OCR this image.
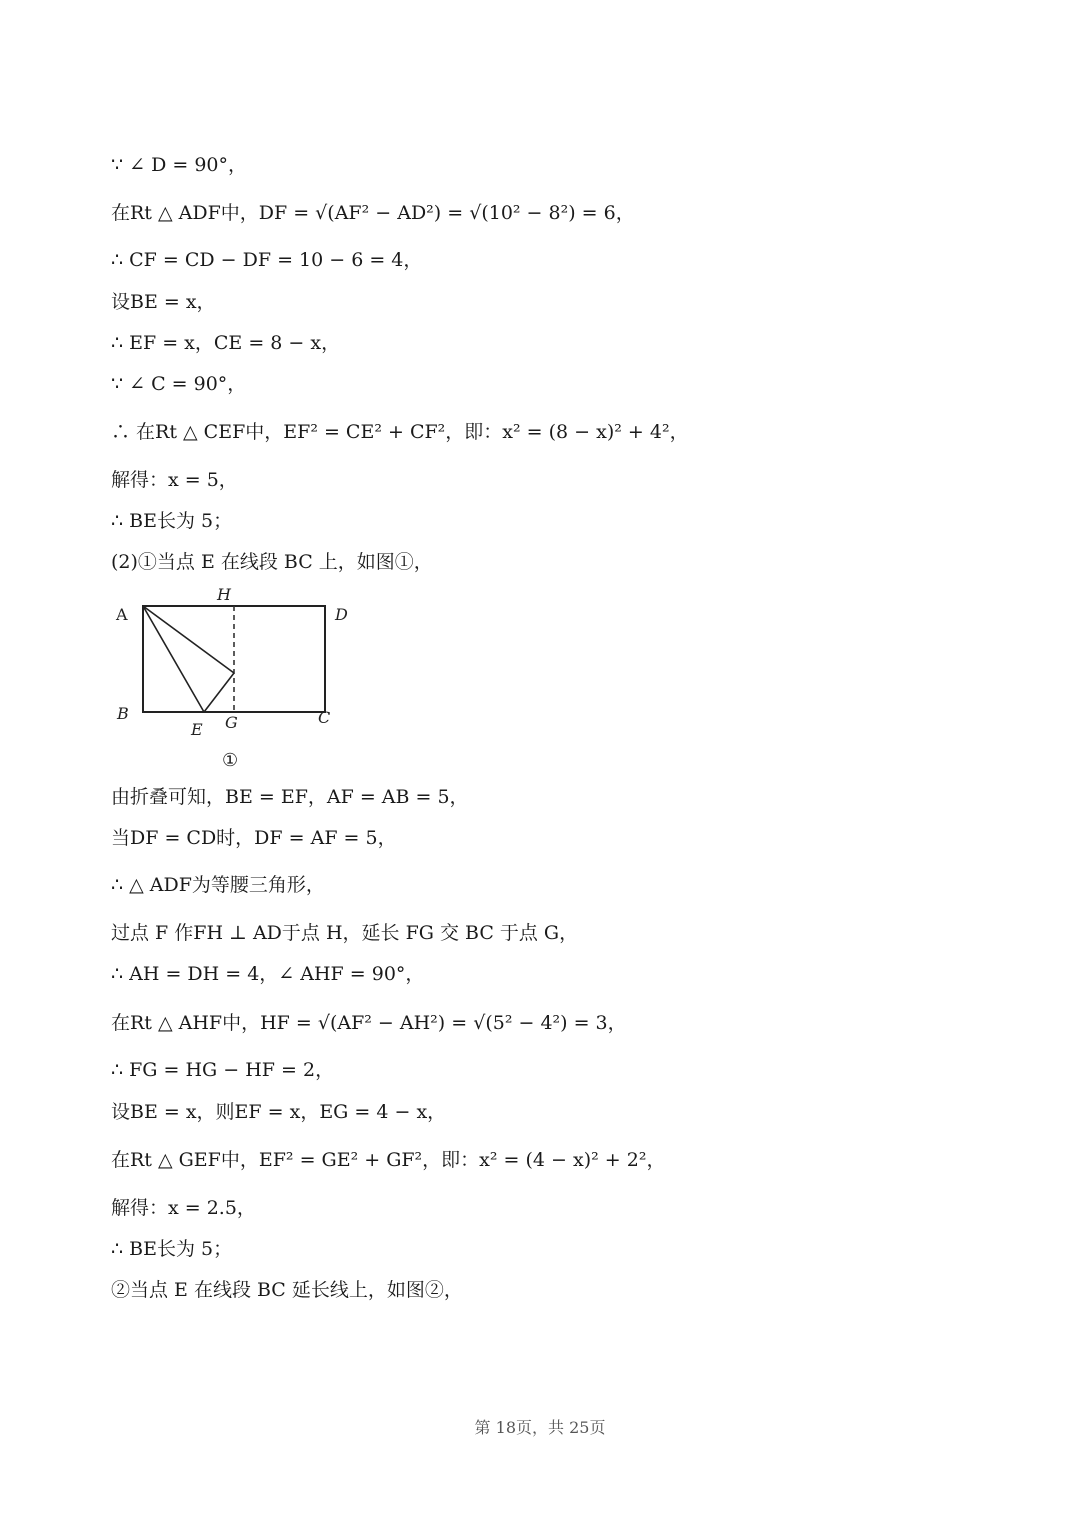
∵ ∠ D = 90°，
在Rt △ ADF中，DF = √(AF² − AD²) = √(10² − 8²) = 6，
∴ CF = CD − DF = 10 − 6 = 4，
设BE = x，
∴ EF = x，CE = 8 − x，
∵ ∠ C = 90°，
∴ 在Rt △ CEF中，EF² = CE² + CF²，即：x² = (8 − x)² + 4²，
解得：x = 5，
∴ BE长为 5；
(2)①当点 E 在线段 BC 上，如图①，
A
H
D
B
E G	C
①
由折叠可知，BE = EF，AF = AB = 5，
当DF = CD时，DF = AF = 5，
∴ △ ADF为等腰三角形，
过点 F 作FH ⊥ AD于点 H，延长 FG 交 BC 于点 G，
∴ AH = DH = 4，∠ AHF = 90°，
在Rt △ AHF中，HF = √(AF² − AH²) = √(5² − 4²) = 3，
∴ FG = HG − HF = 2，
设BE = x，则EF = x，EG = 4 − x，
在Rt △ GEF中，EF² = GE² + GF²，即：x² = (4 − x)² + 2²，
解得：x = 2.5，
∴ BE长为 5；
②当点 E 在线段 BC 延长线上，如图②，
第 18页，共 25页
